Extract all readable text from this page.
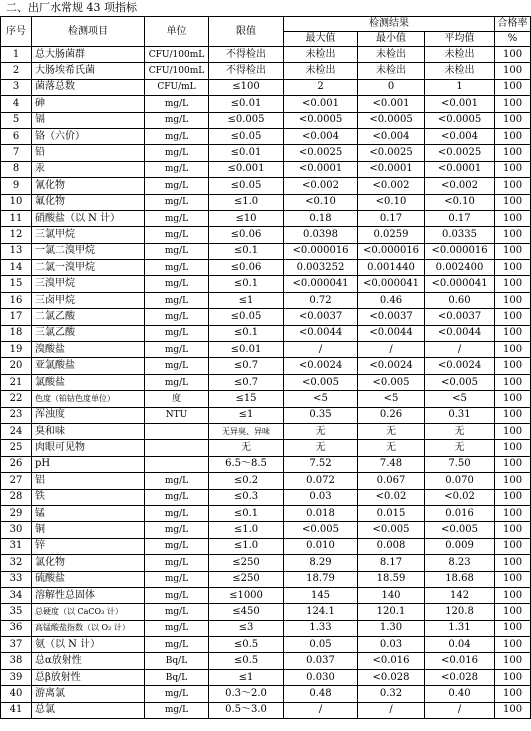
二、出厂水常规 43 项指标
序号	检测项目	单位	限值	检测结果			合格率
				最大值	最小值	平均值	%
1	总大肠菌群	CFU/100mL	不得检出	未检出	未检出	未检出	100
2	大肠埃希氏菌	CFU/100mL	不得检出	未检出	未检出	未检出	100
3	菌落总数	CFU/mL	≤100	2	0	1	100
4	砷	mg/L	≤0.01	<0.001	<0.001	<0.001	100
5	镉	mg/L	≤0.005	<0.0005	<0.0005	<0.0005	100
6	铬（六价）	mg/L	≤0.05	<0.004	<0.004	<0.004	100
7	铅	mg/L	≤0.01	<0.0025	<0.0025	<0.0025	100
8	汞	mg/L	≤0.001	<0.0001	<0.0001	<0.0001	100
9	氰化物	mg/L	≤0.05	<0.002	<0.002	<0.002	100
10	氟化物	mg/L	≤1.0	<0.10	<0.10	<0.10	100
11	硝酸盐（以 N 计）	mg/L	≤10	0.18	0.17	0.17	100
12	三氯甲烷	mg/L	≤0.06	0.0398	0.0259	0.0335	100
13	一氯二溴甲烷	mg/L	≤0.1	<0.000016	<0.000016	<0.000016	100
14	二氯一溴甲烷	mg/L	≤0.06	0.003252	0.001440	0.002400	100
15	三溴甲烷	mg/L	≤0.1	<0.000041	<0.000041	<0.000041	100
16	三卤甲烷	mg/L	≤1	0.72	0.46	0.60	100
17	二氯乙酸	mg/L	≤0.05	<0.0037	<0.0037	<0.0037	100
18	三氯乙酸	mg/L	≤0.1	<0.0044	<0.0044	<0.0044	100
19	溴酸盐	mg/L	≤0.01	/	/	/	100
20	亚氯酸盐	mg/L	≤0.7	<0.0024	<0.0024	<0.0024	100
21	氯酸盐	mg/L	≤0.7	<0.005	<0.005	<0.005	100
22	色度（铂钴色度单位）	度	≤15	<5	<5	<5	100
23	浑浊度	NTU	≤1	0.35	0.26	0.31	100
24	臭和味		无异臭、异味	无	无	无	100
25	肉眼可见物		无	无	无	无	100
26	pH		6.5～8.5	7.52	7.48	7.50	100
27	铝	mg/L	≤0.2	0.072	0.067	0.070	100
28	铁	mg/L	≤0.3	0.03	<0.02	<0.02	100
29	锰	mg/L	≤0.1	0.018	0.015	0.016	100
30	铜	mg/L	≤1.0	<0.005	<0.005	<0.005	100
31	锌	mg/L	≤1.0	0.010	0.008	0.009	100
32	氯化物	mg/L	≤250	8.29	8.17	8.23	100
33	硫酸盐	mg/L	≤250	18.79	18.59	18.68	100
34	溶解性总固体	mg/L	≤1000	145	140	142	100
35	总硬度（以 CaCO₃ 计）	mg/L	≤450	124.1	120.1	120.8	100
36	高锰酸盐指数（以 O₂ 计）	mg/L	≤3	1.33	1.30	1.31	100
37	氨（以 N 计）	mg/L	≤0.5	0.05	0.03	0.04	100
38	总α放射性	Bq/L	≤0.5	0.037	<0.016	<0.016	100
39	总β放射性	Bq/L	≤1	0.030	<0.028	<0.028	100
40	游离氯	mg/L	0.3～2.0	0.48	0.32	0.40	100
41	总氯	mg/L	0.5～3.0	/	/	/	100
